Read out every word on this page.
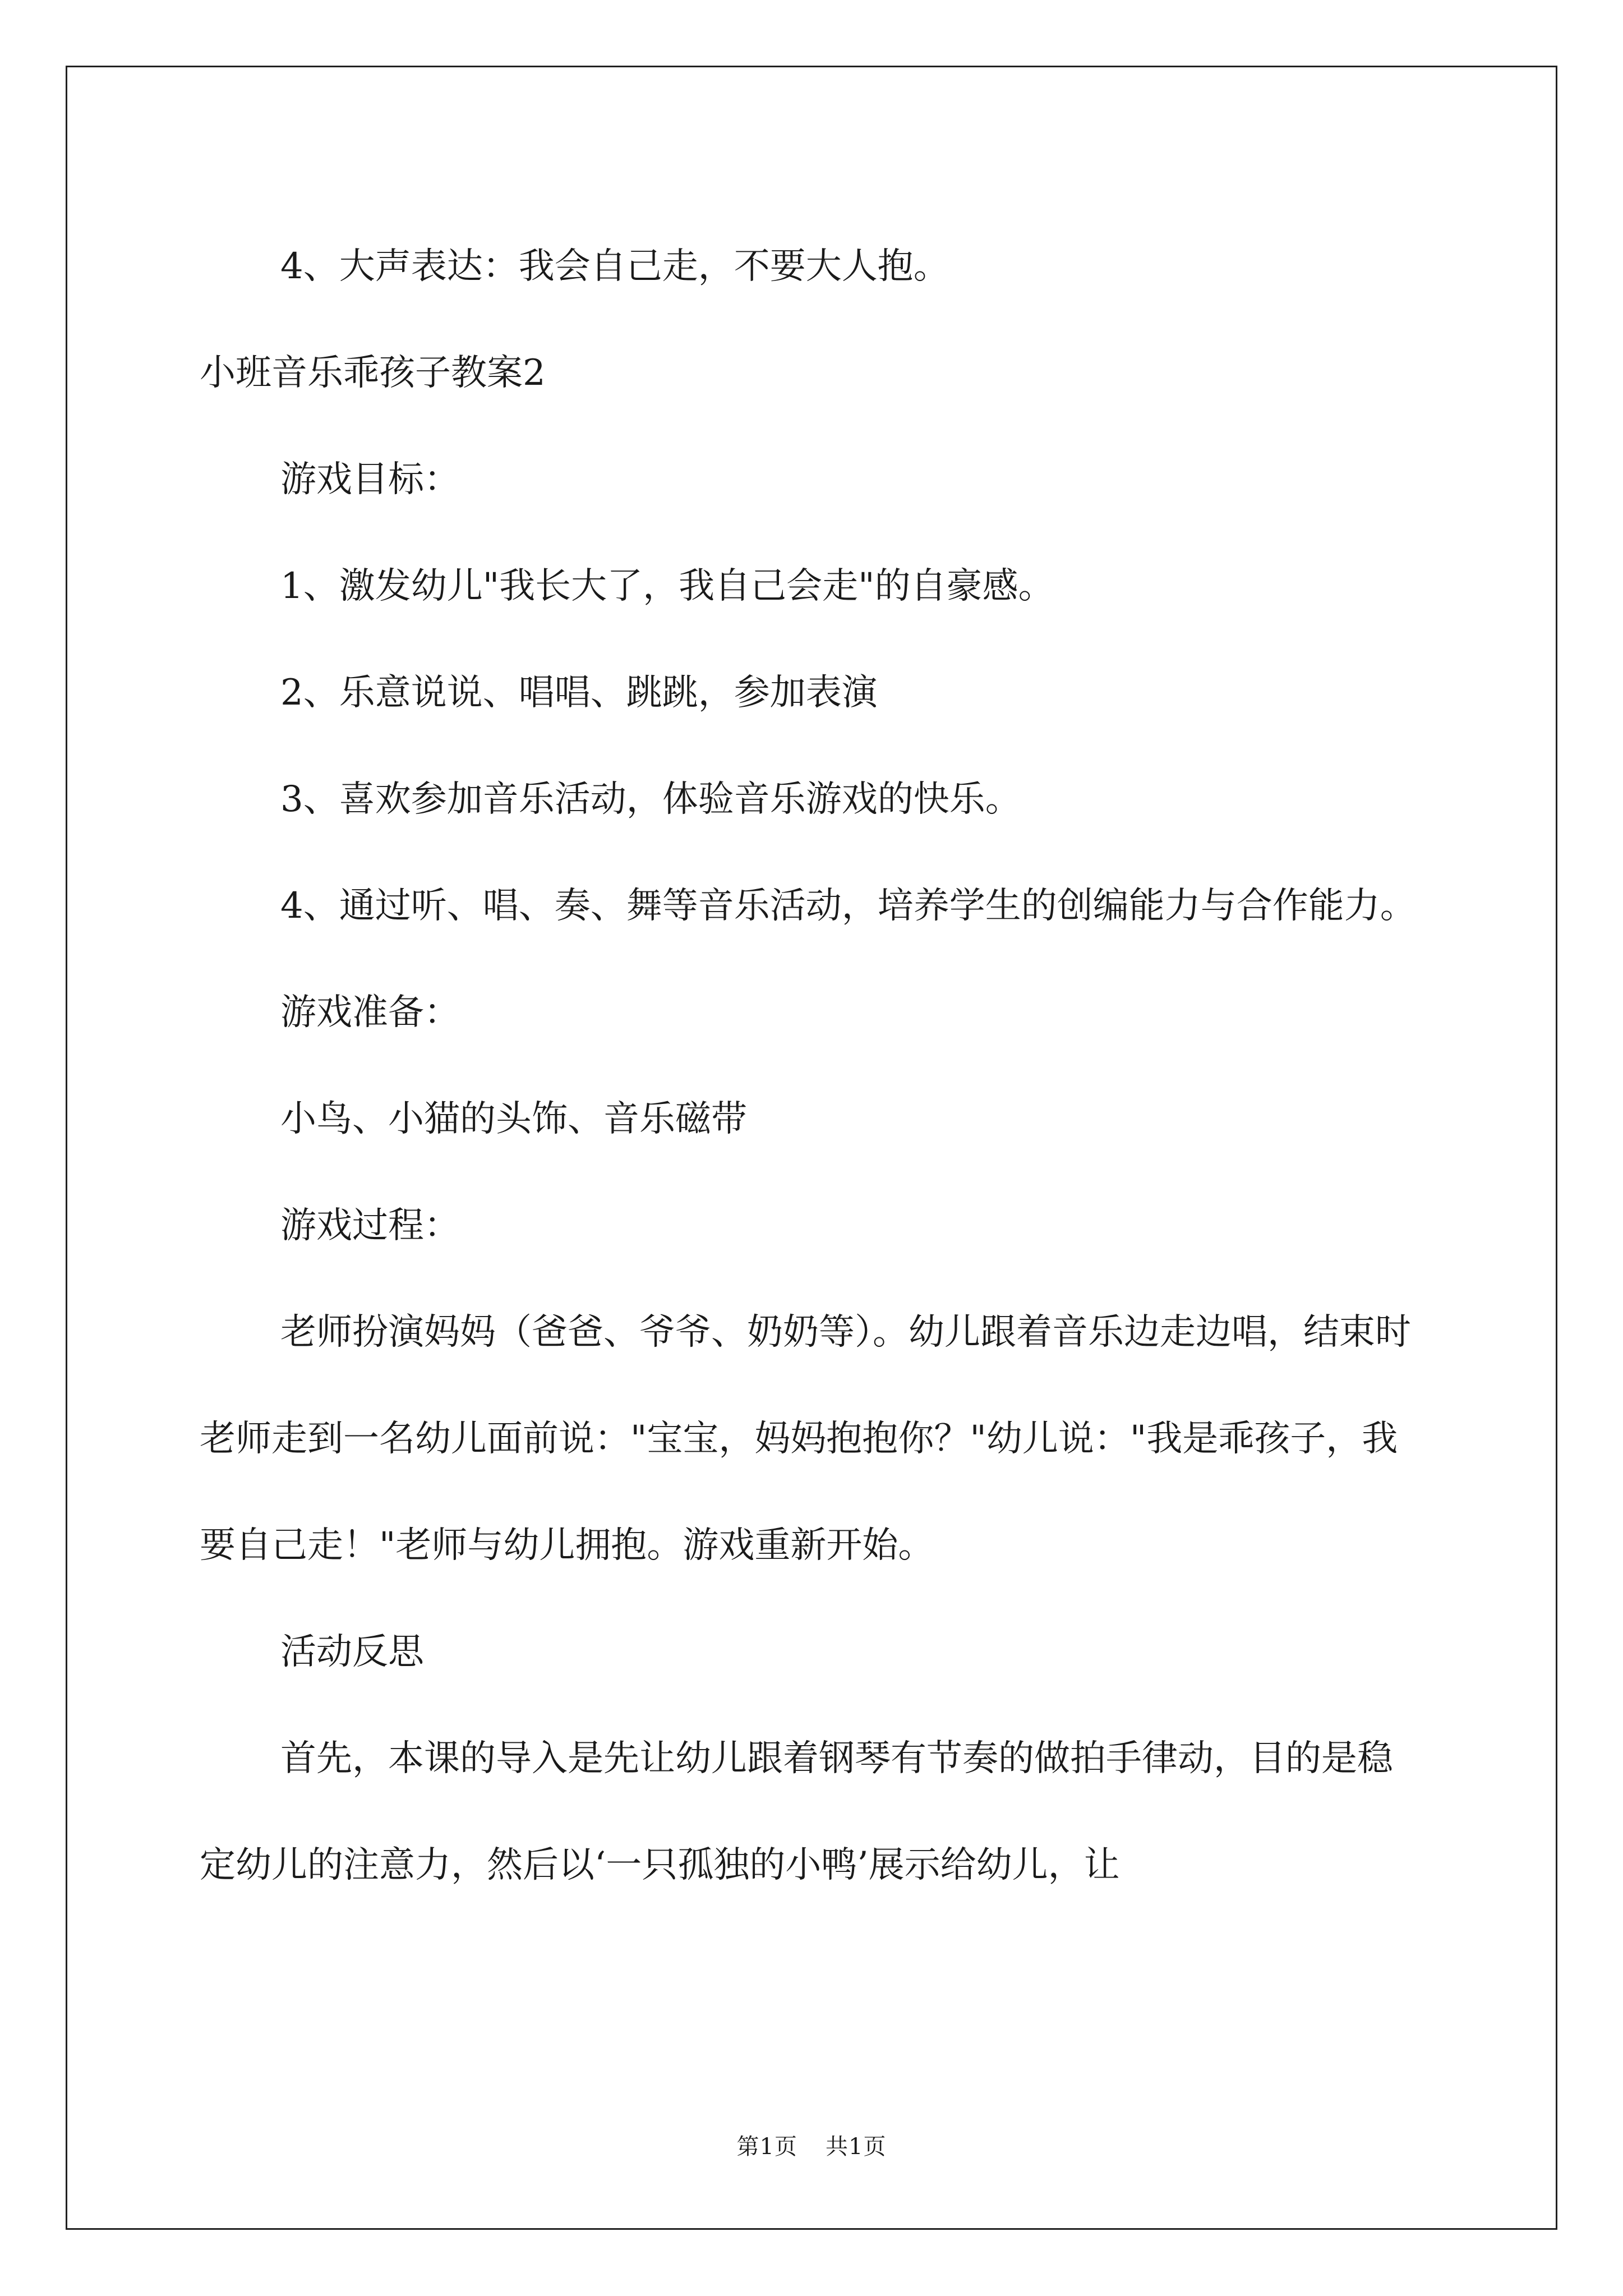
4、大声表达：我会自己走，不要大人抱。

小班音乐乖孩子教案2

游戏目标：

1、激发幼儿"我长大了，我自己会走"的自豪感。

2、乐意说说、唱唱、跳跳，参加表演

3、喜欢参加音乐活动，体验音乐游戏的快乐。

4、通过听、唱、奏、舞等音乐活动，培养学生的创编能力与合作能力。

游戏准备：

小鸟、小猫的头饰、音乐磁带

游戏过程：

老师扮演妈妈（爸爸、爷爷、奶奶等）。幼儿跟着音乐边走边唱，结束时老师走到一名幼儿面前说："宝宝，妈妈抱抱你？"幼儿说："我是乖孩子，我要自己走！"老师与幼儿拥抱。游戏重新开始。

活动反思

首先，本课的导入是先让幼儿跟着钢琴有节奏的做拍手律动，目的是稳定幼儿的注意力，然后以‘一只孤独的小鸭’展示给幼儿，让

第1页 共1页
